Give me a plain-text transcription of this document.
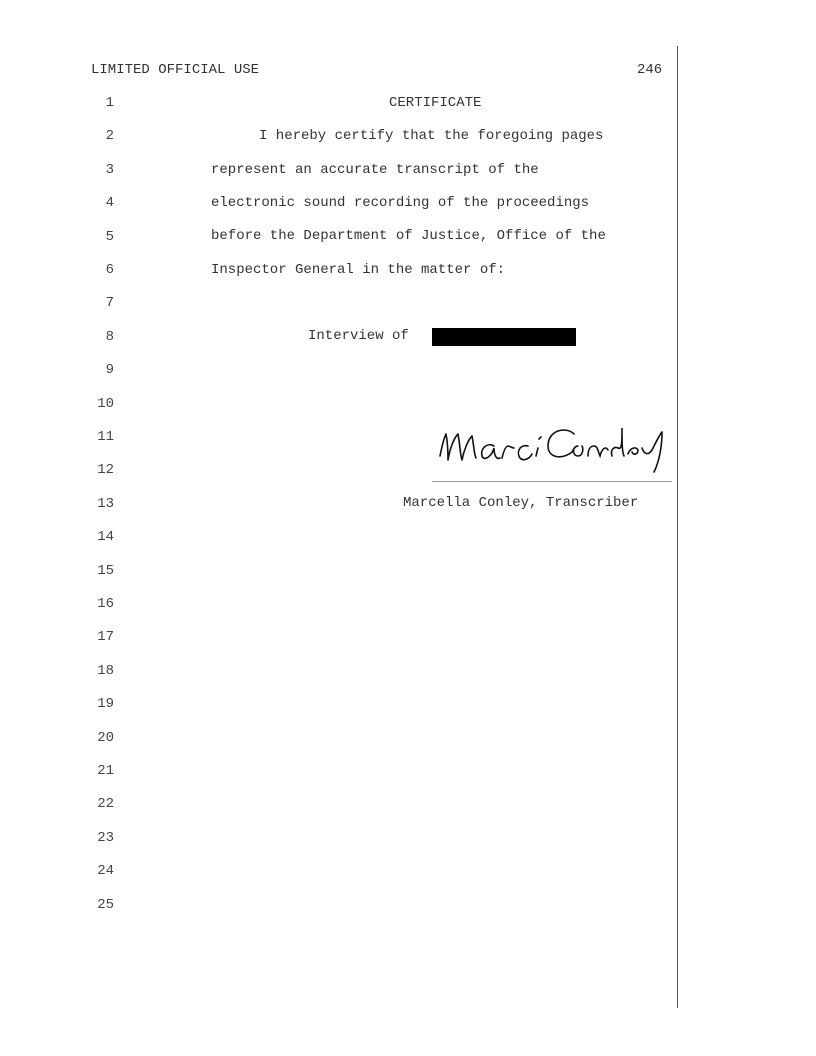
LIMITED OFFICIAL USE	246
1
2
3
4
5
6
7
8
9
10
11
12
13
14
15
16
17
18
19
20
21
22
23
24
25
CERTIFICATE
I hereby certify that the foregoing pages
represent an accurate transcript of the
electronic sound recording of the proceedings
before the Department of Justice, Office of the
Inspector General in the matter of:
Interview of
Marcella Conley, Transcriber
